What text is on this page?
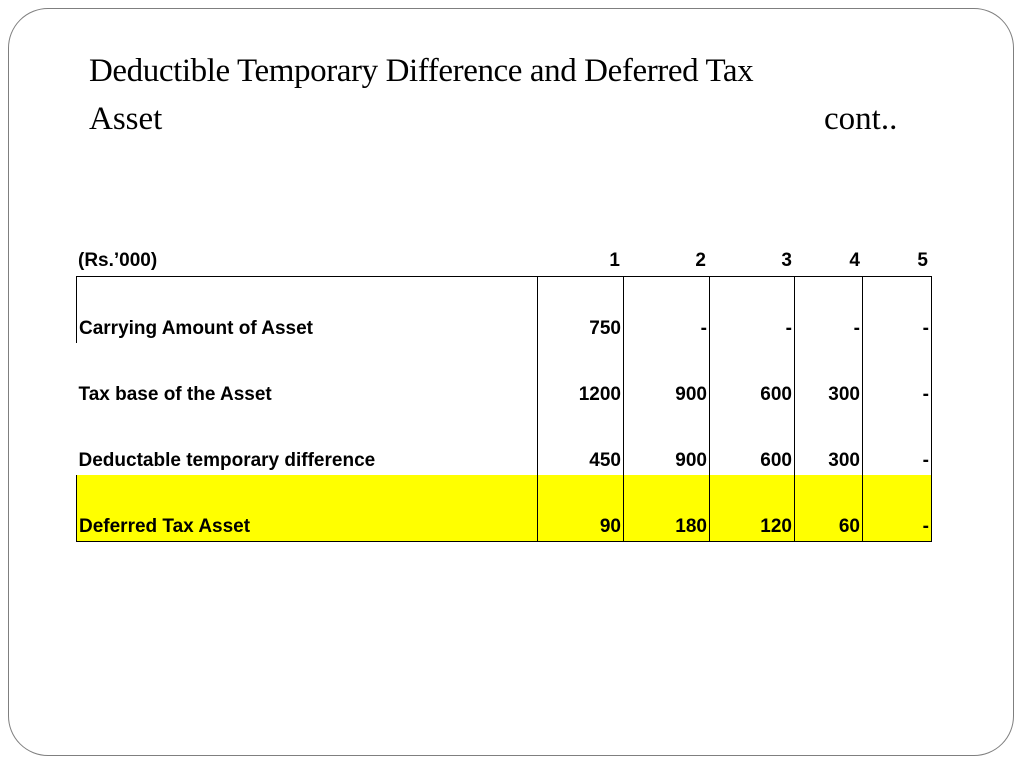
Deductible Temporary Difference and Deferred Tax
Asset	cont..
(Rs.’000)	1	2	3	4	5
Carrying Amount of Asset	750	-	-	-	-
Tax base of the Asset	1200	900	600	300	-
Deductable temporary difference	450	900	600	300	-
Deferred Tax Asset	90	180	120	60	-
